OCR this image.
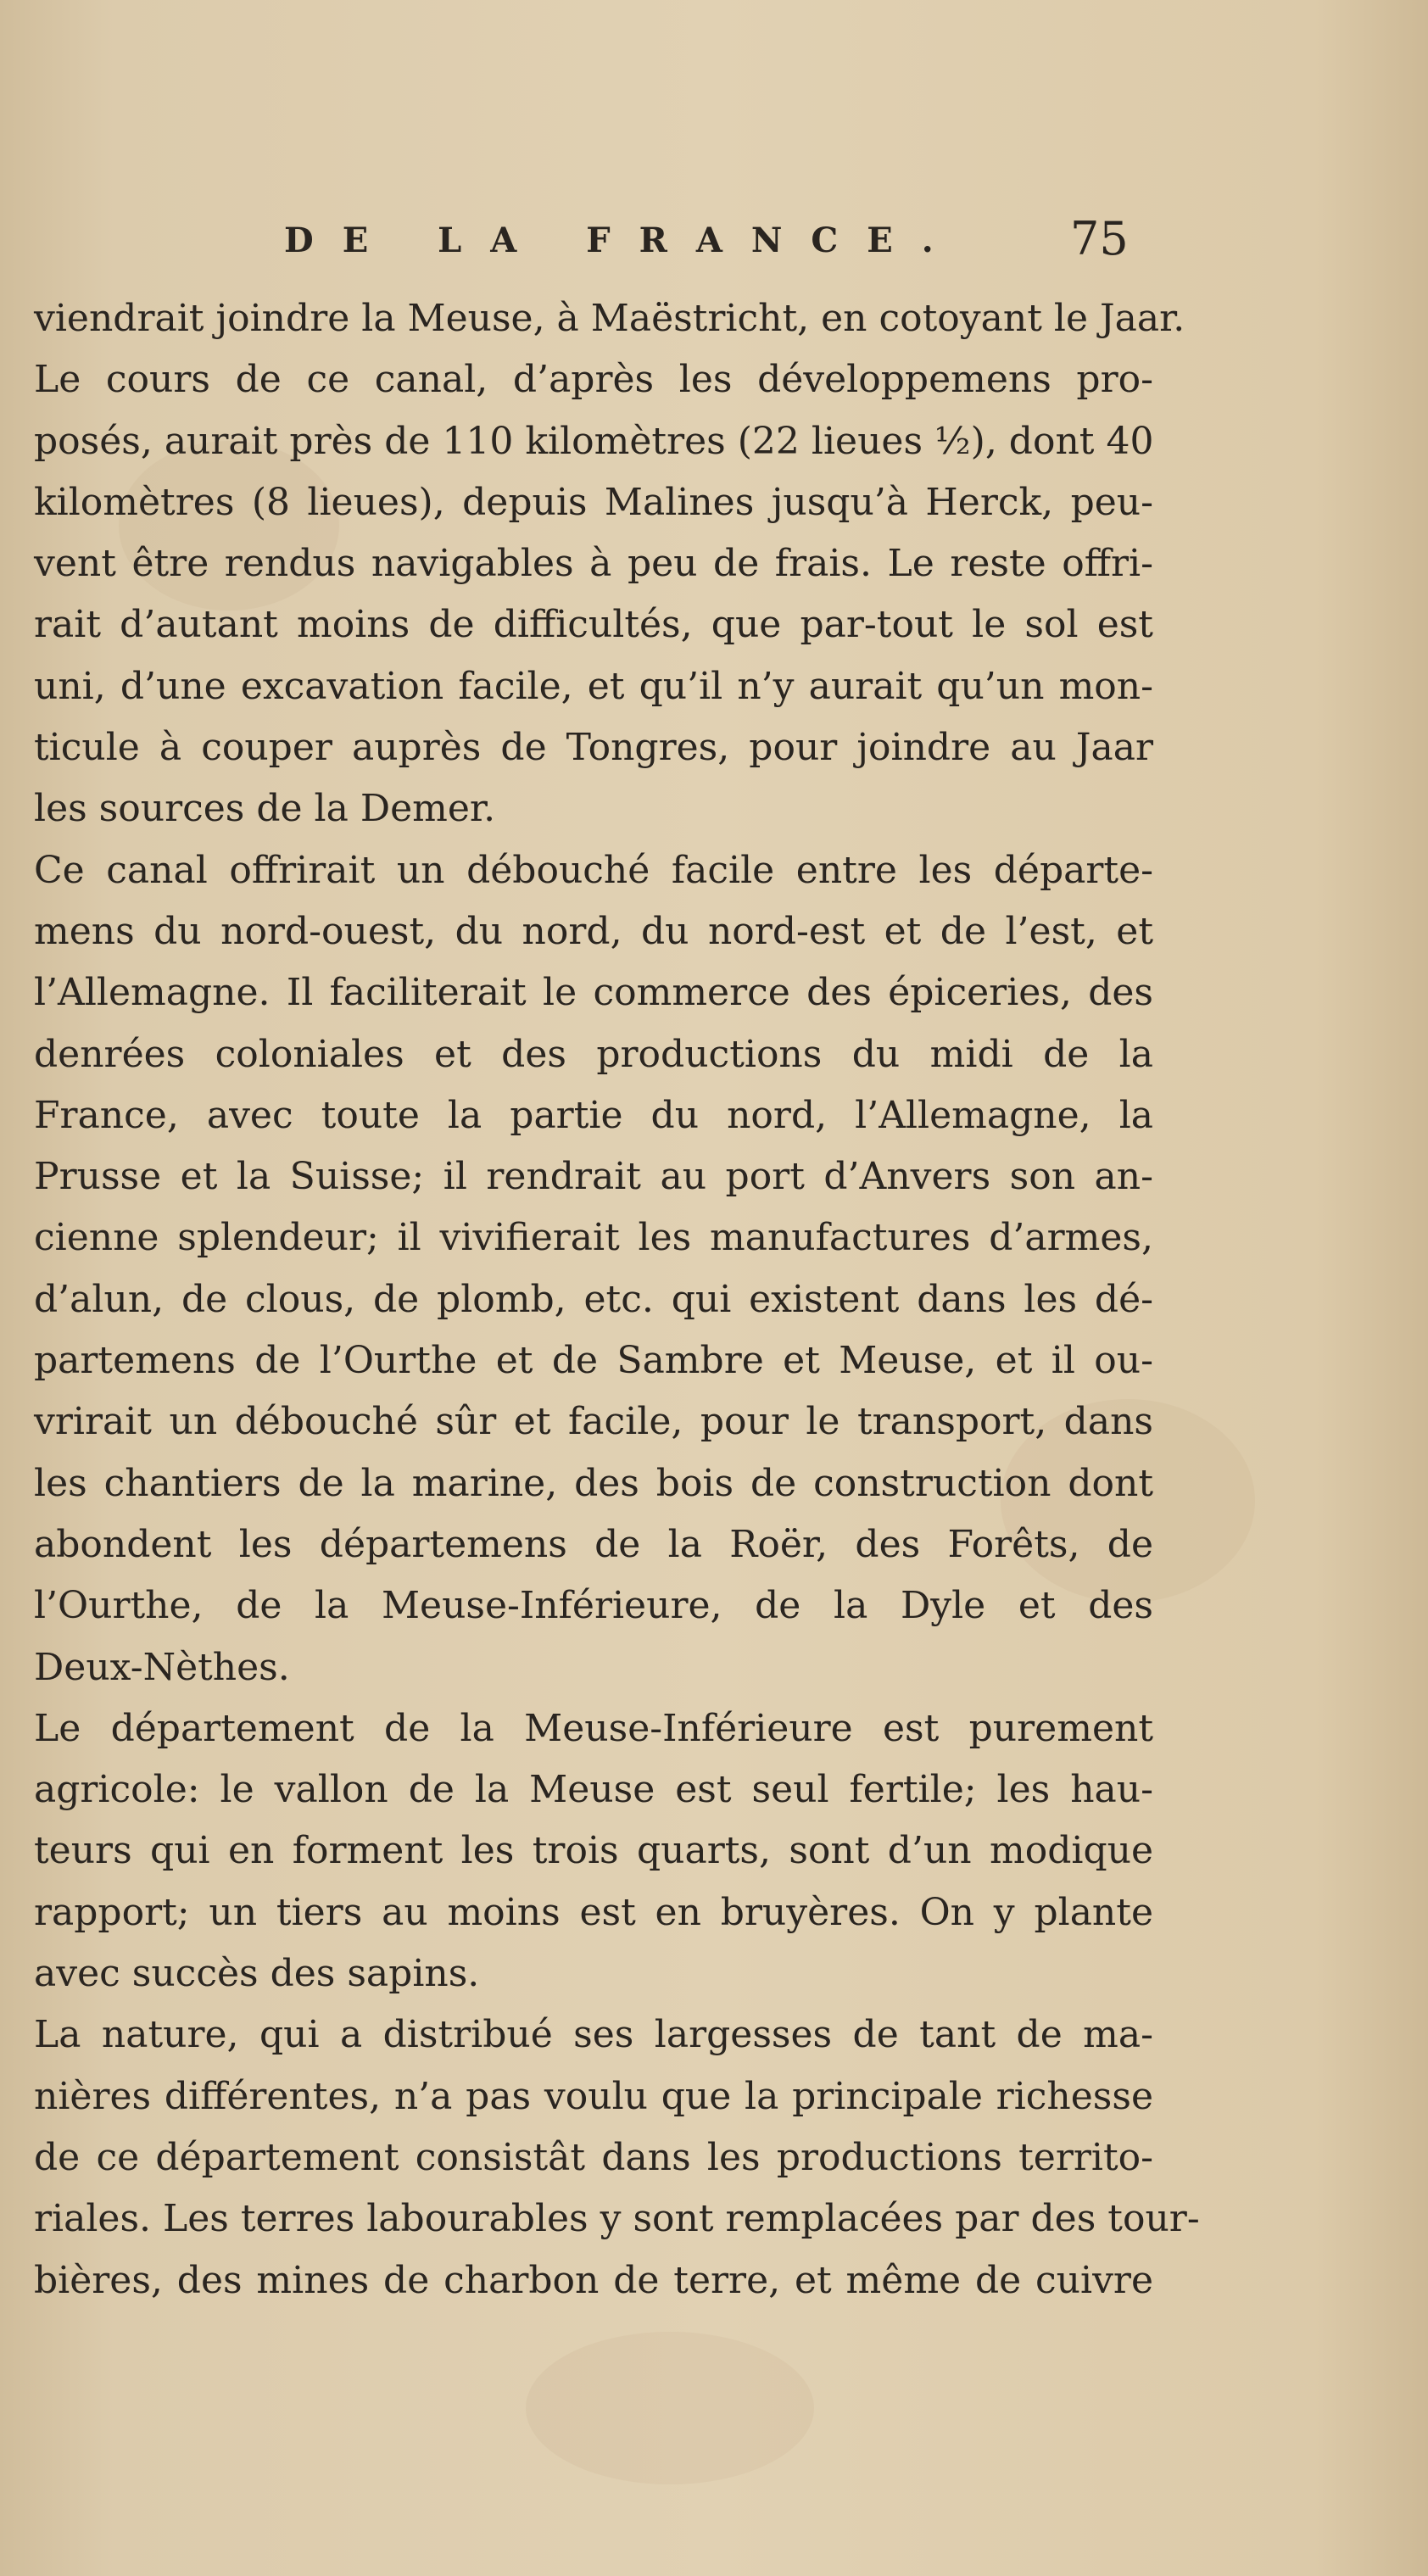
DE LA FRANCE. 75
viendrait joindre la Meuse, à Maëstricht, en cotoyant le Jaar.
Le cours de ce canal, d’après les développemens pro-
posés, aurait près de 110 kilomètres (22 lieues ½), dont 40
kilomètres (8 lieues), depuis Malines jusqu’à Herck, peu-
vent être rendus navigables à peu de frais. Le reste offri-
rait d’autant moins de difficultés, que par-tout le sol est
uni, d’une excavation facile, et qu’il n’y aurait qu’un mon-
ticule à couper auprès de Tongres, pour joindre au Jaar
les sources de la Demer.
Ce canal offrirait un débouché facile entre les départe-
mens du nord-ouest, du nord, du nord-est et de l’est, et
l’Allemagne. Il faciliterait le commerce des épiceries, des
denrées coloniales et des productions du midi de la
France, avec toute la partie du nord, l’Allemagne, la
Prusse et la Suisse; il rendrait au port d’Anvers son an-
cienne splendeur; il vivifierait les manufactures d’armes,
d’alun, de clous, de plomb, etc. qui existent dans les dé-
partemens de l’Ourthe et de Sambre et Meuse, et il ou-
vrirait un débouché sûr et facile, pour le transport, dans
les chantiers de la marine, des bois de construction dont
abondent les départemens de la Roër, des Forêts, de
l’Ourthe, de la Meuse-Inférieure, de la Dyle et des
Deux-Nèthes.
Le département de la Meuse-Inférieure est purement
agricole: le vallon de la Meuse est seul fertile; les hau-
teurs qui en forment les trois quarts, sont d’un modique
rapport; un tiers au moins est en bruyères. On y plante
avec succès des sapins.
La nature, qui a distribué ses largesses de tant de ma-
nières différentes, n’a pas voulu que la principale richesse
de ce département consistât dans les productions territo-
riales. Les terres labourables y sont remplacées par des tour-
bières, des mines de charbon de terre, et même de cuivre
